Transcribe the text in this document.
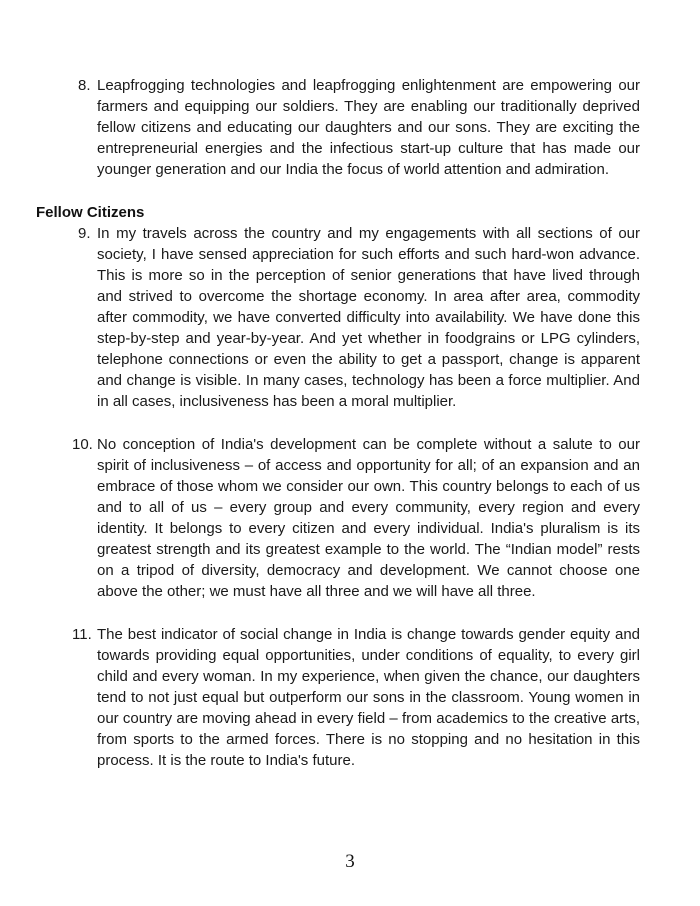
8. Leapfrogging technologies and leapfrogging enlightenment are empowering our farmers and equipping our soldiers. They are enabling our traditionally deprived fellow citizens and educating our daughters and our sons. They are exciting the entrepreneurial energies and the infectious start-up culture that has made our younger generation and our India the focus of world attention and admiration.
Fellow Citizens
9. In my travels across the country and my engagements with all sections of our society, I have sensed appreciation for such efforts and such hard-won advance. This is more so in the perception of senior generations that have lived through and strived to overcome the shortage economy. In area after area, commodity after commodity, we have converted difficulty into availability. We have done this step-by-step and year-by-year. And yet whether in foodgrains or LPG cylinders, telephone connections or even the ability to get a passport, change is apparent and change is visible. In many cases, technology has been a force multiplier. And in all cases, inclusiveness has been a moral multiplier.
10. No conception of India's development can be complete without a salute to our spirit of inclusiveness – of access and opportunity for all; of an expansion and an embrace of those whom we consider our own. This country belongs to each of us and to all of us – every group and every community, every region and every identity. It belongs to every citizen and every individual. India's pluralism is its greatest strength and its greatest example to the world. The “Indian model” rests on a tripod of diversity, democracy and development. We cannot choose one above the other; we must have all three and we will have all three.
11. The best indicator of social change in India is change towards gender equity and towards providing equal opportunities, under conditions of equality, to every girl child and every woman. In my experience, when given the chance, our daughters tend to not just equal but outperform our sons in the classroom. Young women in our country are moving ahead in every field – from academics to the creative arts, from sports to the armed forces. There is no stopping and no hesitation in this process. It is the route to India's future.
3
